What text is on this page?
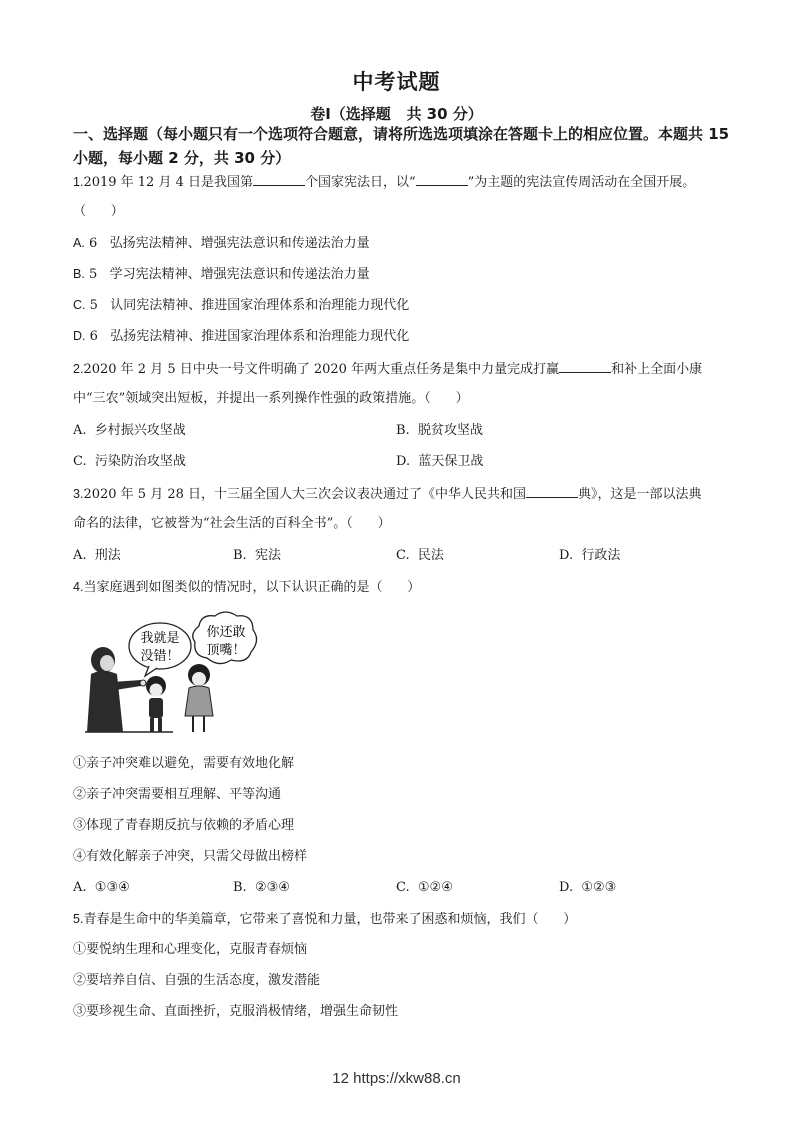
中考试题
卷Ⅰ（选择题   共 30 分）
一、选择题（每小题只有一个选项符合题意，请将所选选项填涂在答题卡上的相应位置。本题共 15 小题，每小题 2 分，共 30 分）
1.2019 年 12 月 4 日是我国第	个国家宪法日，以“	”为主题的宪法宣传周活动在全国开展。
（      ）
A. 6   弘扬宪法精神、增强宪法意识和传递法治力量
B. 5   学习宪法精神、增强宪法意识和传递法治力量
C. 5   认同宪法精神、推进国家治理体系和治理能力现代化
D. 6   弘扬宪法精神、推进国家治理体系和治理能力现代化
2.2020 年 2 月 5 日中央一号文件明确了 2020 年两大重点任务是集中力量完成打赢	和补上全面小康
中“三农”领域突出短板，并提出一系列操作性强的政策措施。（      ）
A. 乡村振兴攻坚战	B. 脱贫攻坚战
C. 污染防治攻坚战	D. 蓝天保卫战
3.2020 年 5 月 28 日，十三届全国人大三次会议表决通过了《中华人民共和国	典》，这是一部以法典
命名的法律，它被誉为“社会生活的百科全书”。（      ）
A. 刑法	B. 宪法	C. 民法	D. 行政法
4.当家庭遇到如图类似的情况时，以下认识正确的是（      ）
我就是
没错！
你还敢
顶嘴！
①亲子冲突难以避免，需要有效地化解
②亲子冲突需要相互理解、平等沟通
③体现了青春期反抗与依赖的矛盾心理
④有效化解亲子冲突，只需父母做出榜样
A. ①③④	B. ②③④	C. ①②④	D. ①②③
5.青春是生命中的华美篇章，它带来了喜悦和力量，也带来了困惑和烦恼，我们（      ）
①要悦纳生理和心理变化，克服青春烦恼
②要培养自信、自强的生活态度，激发潜能
③要珍视生命、直面挫折，克服消极情绪，增强生命韧性
12 https://xkw88.cn
